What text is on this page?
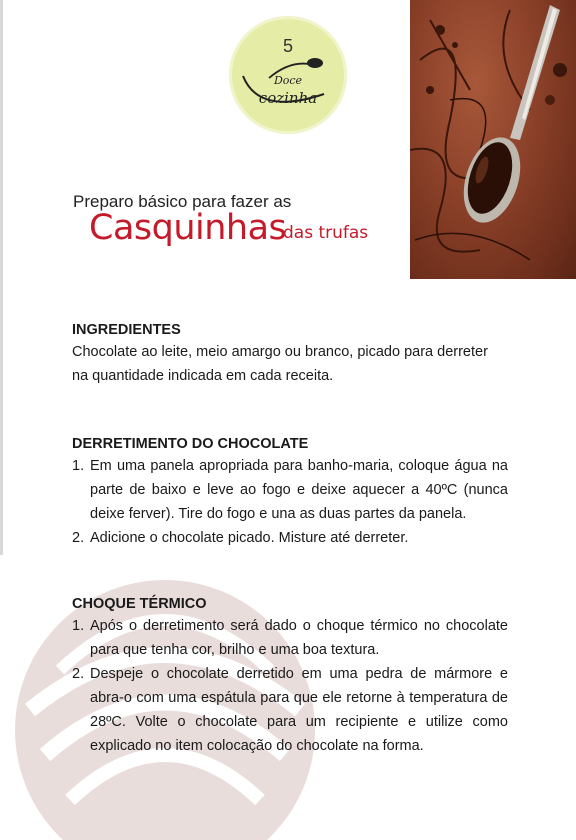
5
Doce
cozinha
Preparo básico para fazer as
Casquinhas
das trufas
INGREDIENTES

Chocolate ao leite, meio amargo ou branco, picado para derreter na quantidade indicada em cada receita.

DERRETIMENTO DO CHOCOLATE
1. Em uma panela apropriada para banho-maria, coloque água na parte de baixo e leve ao fogo e deixe aquecer a 40ºC (nunca deixe ferver). Tire do fogo e una as duas partes da panela.
2. Adicione o chocolate picado. Misture até derreter.
CHOQUE TÉRMICO
1. Após o derretimento será dado o choque térmico no chocolate para que tenha cor, brilho e uma boa textura.
2. Despeje o chocolate derretido em uma pedra de mármore e abra-o com uma espátula para que ele retorne à temperatura de 28ºC. Volte o chocolate para um recipiente e utilize como explicado no item colocação do chocolate na forma.
